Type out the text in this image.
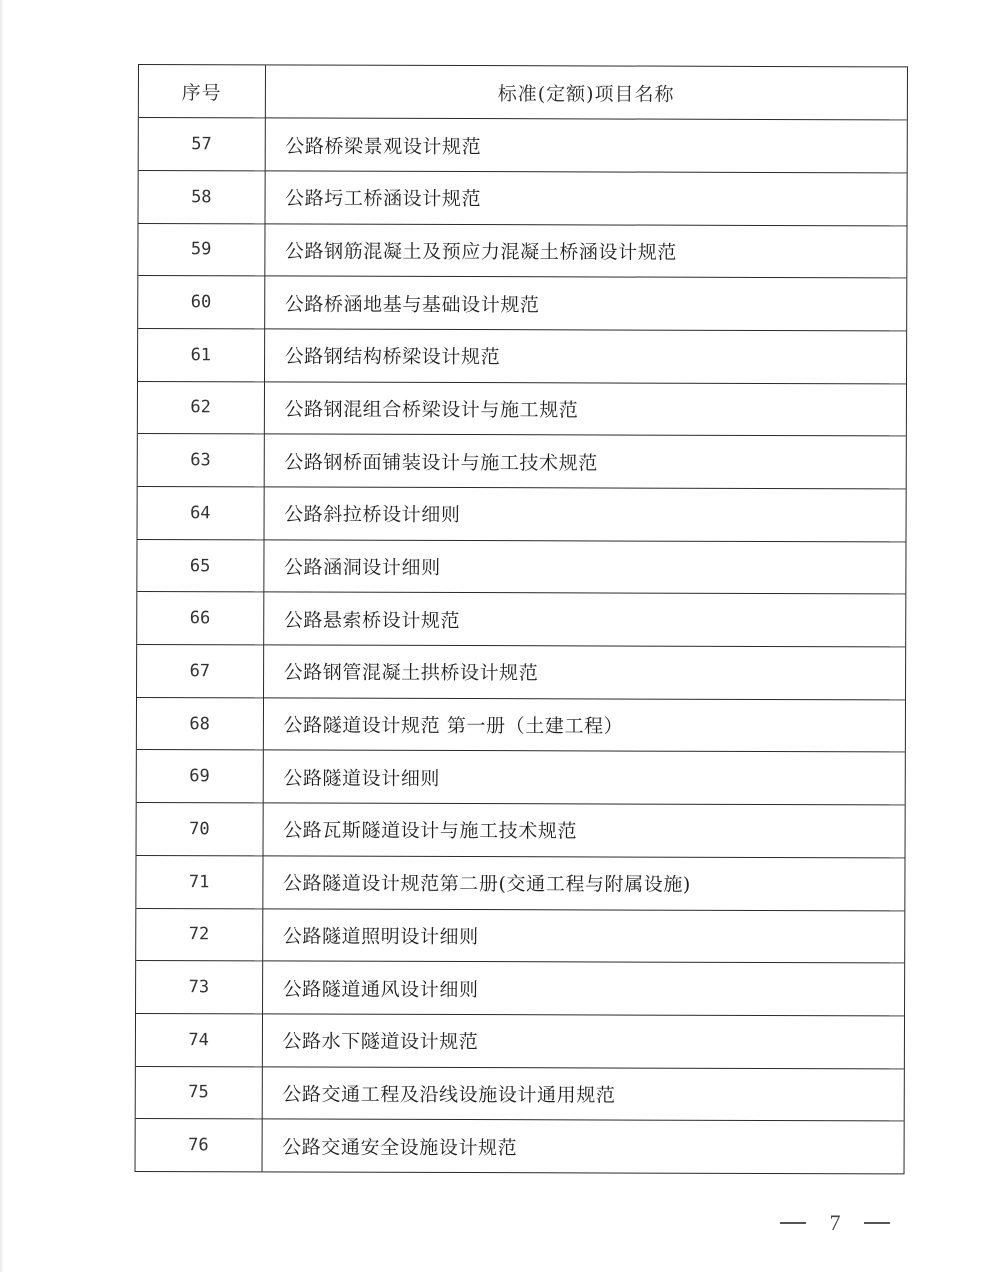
序号	标准(定额)项目名称
57	公路桥梁景观设计规范
58	公路圬工桥涵设计规范
59	公路钢筋混凝土及预应力混凝土桥涵设计规范
60	公路桥涵地基与基础设计规范
61	公路钢结构桥梁设计规范
62	公路钢混组合桥梁设计与施工规范
63	公路钢桥面铺装设计与施工技术规范
64	公路斜拉桥设计细则
65	公路涵洞设计细则
66	公路悬索桥设计规范
67	公路钢管混凝土拱桥设计规范
68	公路隧道设计规范 第一册（土建工程）
69	公路隧道设计细则
70	公路瓦斯隧道设计与施工技术规范
71	公路隧道设计规范第二册(交通工程与附属设施)
72	公路隧道照明设计细则
73	公路隧道通风设计细则
74	公路水下隧道设计规范
75	公路交通工程及沿线设施设计通用规范
76	公路交通安全设施设计规范
7
